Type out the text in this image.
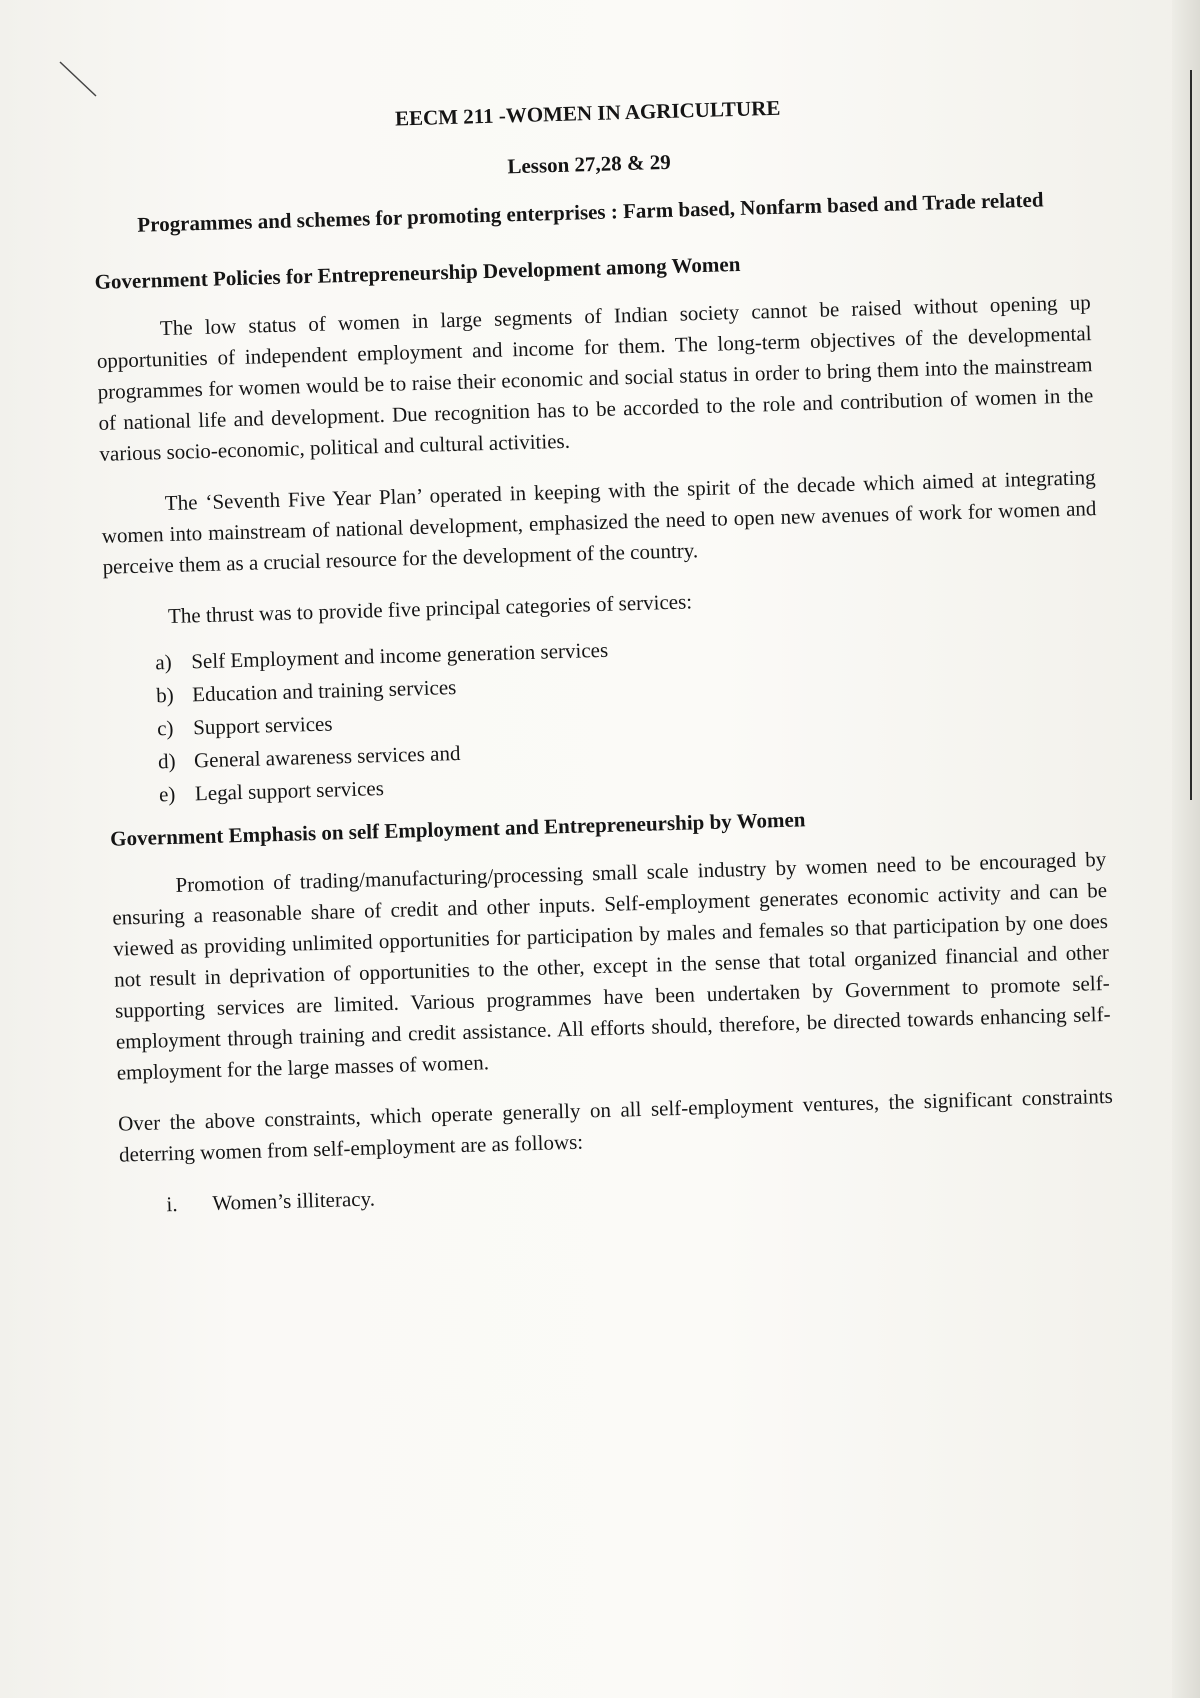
EECM 211 -WOMEN IN AGRICULTURE
Lesson 27,28 & 29
Programmes and schemes for promoting enterprises : Farm based, Nonfarm based and Trade related
Government Policies for Entrepreneurship Development among Women

The low status of women in large segments of Indian society cannot be raised without opening up opportunities of independent employment and income for them. The long-term objectives of the developmental programmes for women would be to raise their economic and social status in order to bring them into the mainstream of national life and development. Due recognition has to be accorded to the role and contribution of women in the various socio-economic, political and cultural activities.

The ‘Seventh Five Year Plan’ operated in keeping with the spirit of the decade which aimed at integrating women into mainstream of national development, emphasized the need to open new avenues of work for women and perceive them as a crucial resource for the development of the country.

The thrust was to provide five principal categories of services:

a) Self Employment and income generation services
b) Education and training services
c) Support services
d) General awareness services and
e) Legal support services
Government Emphasis on self Employment and Entrepreneurship by Women

Promotion of trading/manufacturing/processing small scale industry by women need to be encouraged by ensuring a reasonable share of credit and other inputs. Self-employment generates economic activity and can be viewed as providing unlimited opportunities for participation by males and females so that participation by one does not result in deprivation of opportunities to the other, except in the sense that total organized financial and other supporting services are limited. Various programmes have been undertaken by Government to promote self-employment through training and credit assistance. All efforts should, therefore, be directed towards enhancing self-employment for the large masses of women.

Over the above constraints, which operate generally on all self-employment ventures, the significant constraints deterring women from self-employment are as follows:

i.	Women’s illiteracy.
